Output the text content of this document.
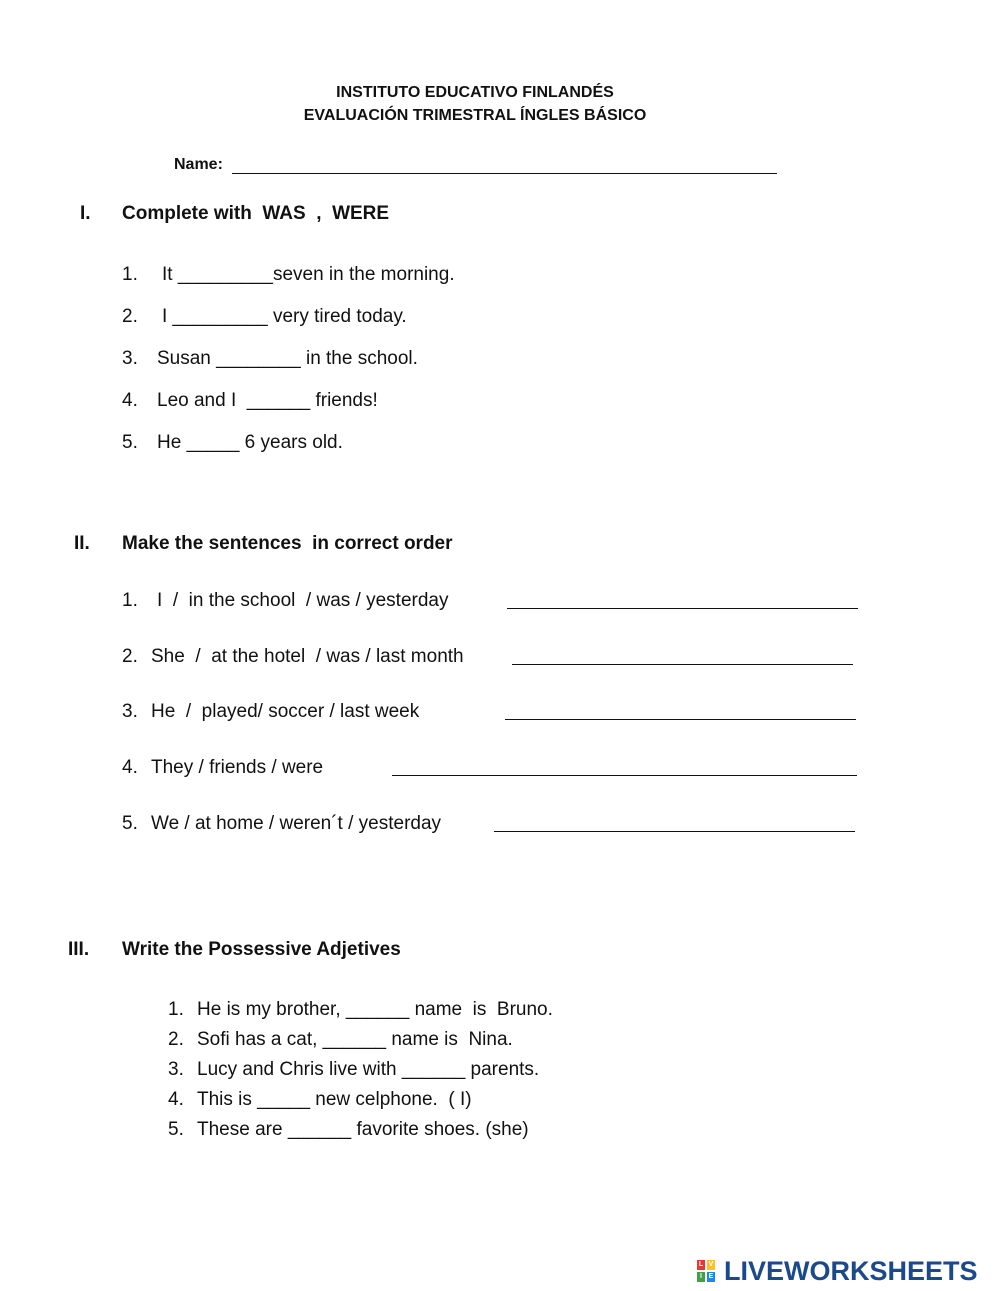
INSTITUTO EDUCATIVO FINLANDÉS
EVALUACIÓN TRIMESTRAL ÍNGLES BÁSICO
Name:
I. Complete with  WAS  ,  WERE
1. It _________seven in the morning.
2. I _________ very tired today.
3. Susan ________ in the school.
4. Leo and I  ______ friends!
5. He _____ 6 years old.
II. Make the sentences  in correct order
1. I  /  in the school  / was / yesterday
2. She  /  at the hotel  / was / last month
3. He  /  played/ soccer / last week
4. They / friends / were
5. We / at home / weren´t / yesterday
III. Write the Possessive Adjetives
1. He is my brother, ______ name  is  Bruno.
2. Sofi has a cat, ______ name is  Nina.
3. Lucy and Chris live with ______ parents.
4. This is _____ new celphone.  ( I)
5. These are ______ favorite shoes. (she)
L
I
V
E LIVEWORKSHEETS
